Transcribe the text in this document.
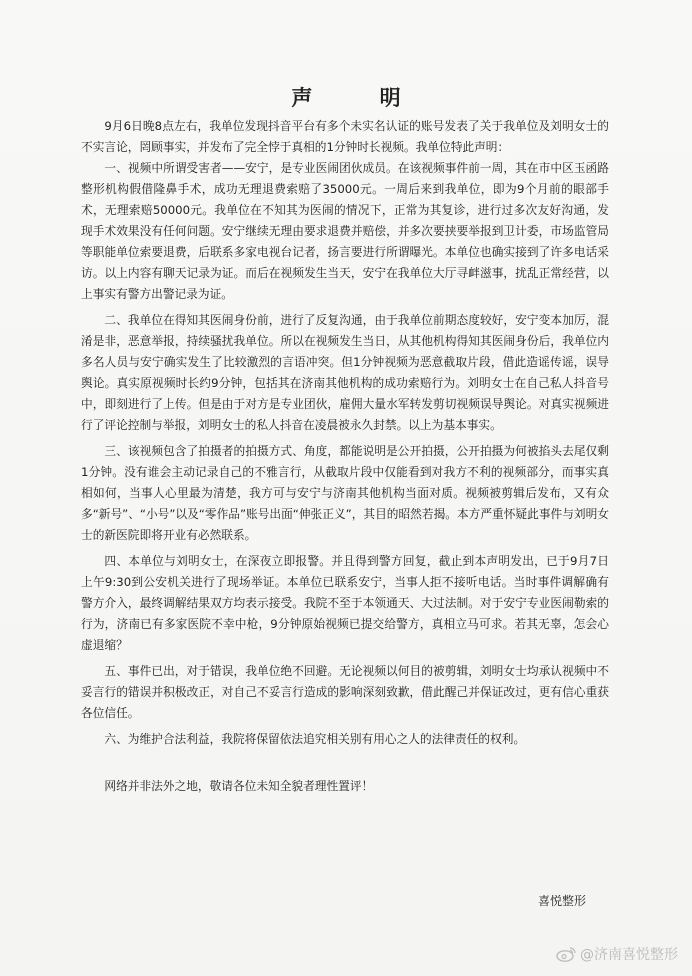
声 明

9月6日晚8点左右，我单位发现抖音平台有多个未实名认证的账号发表了关于我单位及刘明女士的不实言论，罔顾事实，并发布了完全悖于真相的1分钟时长视频。我单位特此声明：

一、视频中所谓受害者——安宁，是专业医闹团伙成员。在该视频事件前一周，其在市中区玉函路整形机构假借隆鼻手术，成功无理退费索赔了35000元。一周后来到我单位，即为9个月前的眼部手术，无理索赔50000元。我单位在不知其为医闹的情况下，正常为其复诊，进行过多次友好沟通，发现手术效果没有任何问题。安宁继续无理由要求退费并赔偿，并多次要挟要举报到卫计委，市场监管局等职能单位索要退费，后联系多家电视台记者，扬言要进行所谓曝光。本单位也确实接到了许多电话采访。以上内容有聊天记录为证。而后在视频发生当天，安宁在我单位大厅寻衅滋事，扰乱正常经营，以上事实有警方出警记录为证。

二、我单位在得知其医闹身份前，进行了反复沟通，由于我单位前期态度较好，安宁变本加厉，混淆是非，恶意举报，持续骚扰我单位。所以在视频发生当日，从其他机构得知其医闹身份后，我单位内多名人员与安宁确实发生了比较激烈的言语冲突。但1分钟视频为恶意截取片段，借此造谣传谣，误导舆论。真实原视频时长约9分钟，包括其在济南其他机构的成功索赔行为。刘明女士在自己私人抖音号中，即刻进行了上传。但是由于对方是专业团伙，雇佣大量水军转发剪切视频误导舆论。对真实视频进行了评论控制与举报，刘明女士的私人抖音在凌晨被永久封禁。以上为基本事实。

三、该视频包含了拍摄者的拍摄方式、角度，都能说明是公开拍摄，公开拍摄为何被掐头去尾仅剩1分钟。没有谁会主动记录自己的不雅言行，从截取片段中仅能看到对我方不利的视频部分，而事实真相如何，当事人心里最为清楚，我方可与安宁与济南其他机构当面对质。视频被剪辑后发布，又有众多“新号”、“小号”以及“零作品”账号出面“伸张正义”，其目的昭然若揭。本方严重怀疑此事件与刘明女士的新医院即将开业有必然联系。

四、本单位与刘明女士，在深夜立即报警。并且得到警方回复，截止到本声明发出，已于9月7日上午9:30到公安机关进行了现场举证。本单位已联系安宁，当事人拒不接听电话。当时事件调解确有警方介入，最终调解结果双方均表示接受。我院不至于本领通天、大过法制。对于安宁专业医闹勒索的行为，济南已有多家医院不幸中枪，9分钟原始视频已提交给警方，真相立马可求。若其无辜，怎会心虚退缩？

五、事件已出，对于错误，我单位绝不回避。无论视频以何目的被剪辑，刘明女士均承认视频中不妥言行的错误并积极改正，对自己不妥言行造成的影响深刻致歉，借此醒己并保证改过，更有信心重获各位信任。

六、为维护合法利益，我院将保留依法追究相关别有用心之人的法律责任的权利。

网络并非法外之地，敬请各位未知全貌者理性置评！

喜悦整形
@济南喜悦整形
